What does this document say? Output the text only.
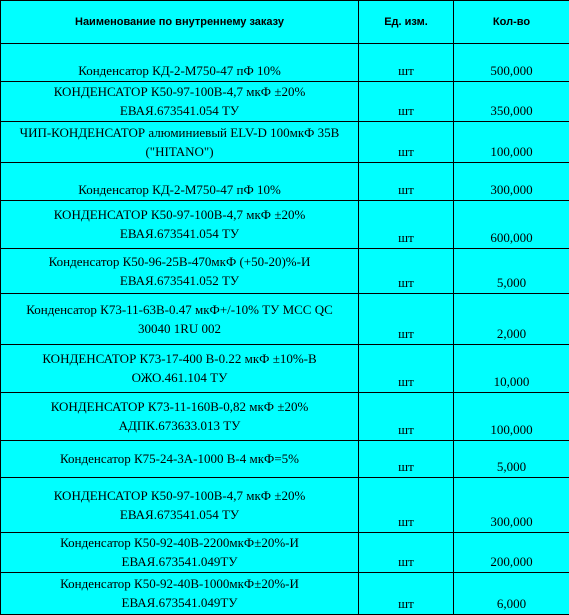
Наименование по внутреннему заказу	Ед. изм.	Кол-во

Конденсатор КД-2-М750-47 пФ 10%	шт	500,000

КОНДЕНСАТОР К50-97-100В-4,7 мкФ ±20%
ЕВАЯ.673541.054 ТУ	шт	350,000

ЧИП-КОНДЕНСАТОР алюминиевый ELV-D 100мкФ 35В
("HITANO")	шт	100,000

Конденсатор КД-2-М750-47 пФ 10%	шт	300,000

КОНДЕНСАТОР К50-97-100В-4,7 мкФ ±20%
ЕВАЯ.673541.054 ТУ	шт	600,000

Конденсатор К50-96-25В-470мкФ (+50-20)%-И
ЕВАЯ.673541.052 ТУ	шт	5,000

Конденсатор К73-11-63В-0.47 мкФ+/-10% ТУ МСС QC
30040 1RU 002	шт	2,000

КОНДЕНСАТОР К73-17-400 В-0.22 мкФ ±10%-В
ОЖО.461.104 ТУ	шт	10,000

КОНДЕНСАТОР К73-11-160В-0,82 мкФ ±20%
АДПК.673633.013 ТУ	шт	100,000

Конденсатор К75-24-3А-1000 В-4 мкФ=5%	шт	5,000

КОНДЕНСАТОР К50-97-100В-4,7 мкФ ±20%
ЕВАЯ.673541.054 ТУ	шт	300,000

Конденсатор К50-92-40В-2200мкФ±20%-И
ЕВАЯ.673541.049ТУ	шт	200,000

Конденсатор К50-92-40В-1000мкФ±20%-И
ЕВАЯ.673541.049ТУ	шт	6,000
